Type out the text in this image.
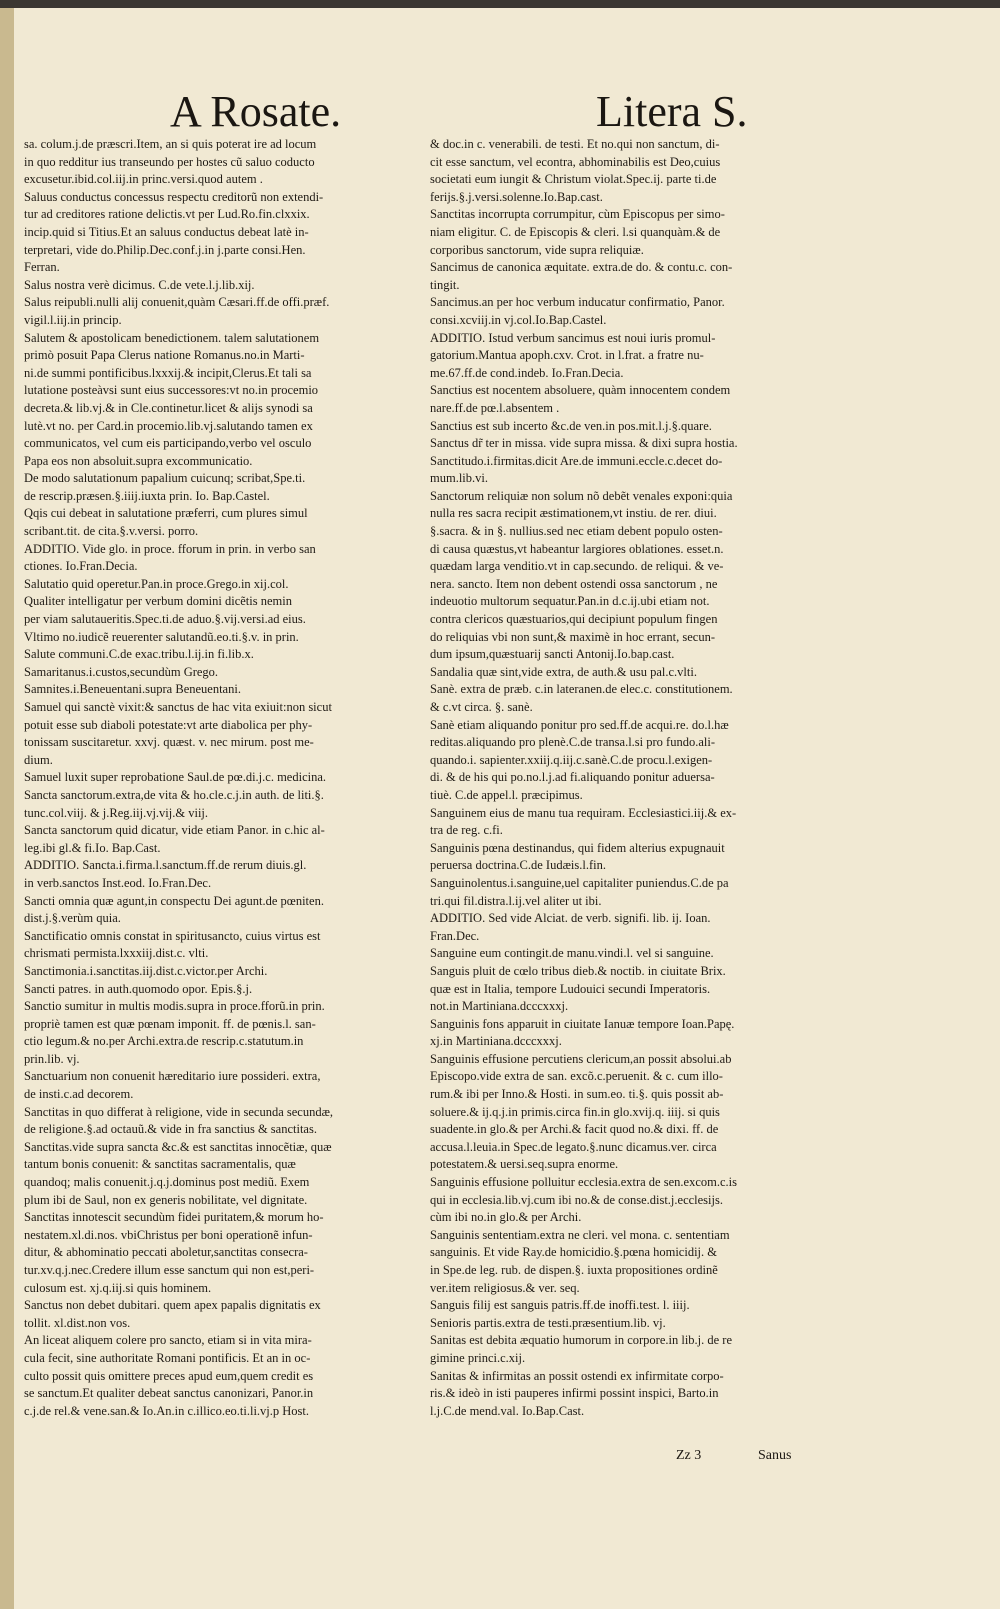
A Rosate.	Litera S.

sa. colum.j.de præscri.Item, an si quis poterat ire ad locum

in quo redditur ius transeundo per hostes cũ saluo coducto

excusetur.ibid.col.iij.in princ.versi.quod autem .

Saluus conductus concessus respectu creditorũ non extendi-

tur ad creditores ratione delictis.vt per Lud.Ro.fin.clxxix.

incip.quid si Titius.Et an saluus conductus debeat latè in-

terpretari, vide do.Philip.Dec.conf.j.in j.parte consi.Hen.

Ferran.

Salus nostra verè dicimus. C.de vete.l.j.lib.xij.

Salus reipubli.nulli alij conuenit,quàm Cæsari.ff.de offi.præf.

vigil.l.iij.in princip.

Salutem & apostolicam benedictionem. talem salutationem

primò posuit Papa Clerus natione Romanus.no.in Marti-

ni.de summi pontificibus.lxxxij.& incipit,Clerus.Et tali sa

lutatione posteàvsi sunt eius successores:vt no.in procemio

decreta.& lib.vj.& in Cle.continetur.licet & alijs synodi sa

lutè.vt no. per Card.in procemio.lib.vj.salutando tamen ex

communicatos, vel cum eis participando,verbo vel osculo

Papa eos non absoluit.supra excommunicatio.

De modo salutationum papalium cuicunq; scribat,Spe.ti.

de rescrip.præsen.§.iiij.iuxta prin. Io. Bap.Castel.

Qqis cui debeat in salutatione præferri, cum plures simul

scribant.tit. de cita.§.v.versi. porro.

ADDITIO. Vide glo. in proce. fforum in prin. in verbo san

ctiones. Io.Fran.Decia.

Salutatio quid operetur.Pan.in proce.Grego.in xij.col.

Qualiter intelligatur per verbum domini dicẽtis nemin

per viam salutaueritis.Spec.ti.de aduo.§.vij.versi.ad eius.

Vltimo no.iudicẽ reuerenter salutandũ.eo.ti.§.v. in prin.

Salute communi.C.de exac.tribu.l.ij.in fi.lib.x.

Samaritanus.i.custos,secundùm Grego.

Samnites.i.Beneuentani.supra Beneuentani.

Samuel qui sanctè vixit:& sanctus de hac vita exiuit:non sicut

potuit esse sub diaboli potestate:vt arte diabolica per phy-

tonissam suscitaretur. xxvj. quæst. v. nec mirum. post me-

dium.

Samuel luxit super reprobatione Saul.de pœ.di.j.c. medicina.

Sancta sanctorum.extra,de vita & ho.cle.c.j.in auth. de liti.§.

tunc.col.viij. & j.Reg.iij.vj.vij.& viij.

Sancta sanctorum quid dicatur, vide etiam Panor. in c.hic al-

leg.ibi gl.& fi.Io. Bap.Cast.

ADDITIO. Sancta.i.firma.l.sanctum.ff.de rerum diuis.gl.

in verb.sanctos Inst.eod. Io.Fran.Dec.

Sancti omnia quæ agunt,in conspectu Dei agunt.de pœniten.

dist.j.§.verùm quia.

Sanctificatio omnis constat in spiritusancto, cuius virtus est

chrismati permista.lxxxiij.dist.c. vlti.

Sanctimonia.i.sanctitas.iij.dist.c.victor.per Archi.

Sancti patres. in auth.quomodo opor. Epis.§.j.

Sanctio sumitur in multis modis.supra in proce.fforũ.in prin.

propriè tamen est quæ pœnam imponit. ff. de pœnis.l. san-

ctio legum.& no.per Archi.extra.de rescrip.c.statutum.in

prin.lib. vj.

Sanctuarium non conuenit hæreditario iure possideri. extra,

de insti.c.ad decorem.

Sanctitas in quo differat à religione, vide in secunda secundæ,

de religione.§.ad octauũ.& vide in fra sanctius & sanctitas.

Sanctitas.vide supra sancta &c.& est sanctitas innocẽtiæ, quæ

tantum bonis conuenit: & sanctitas sacramentalis, quæ

quandoq; malis conuenit.j.q.j.dominus post mediũ. Exem

plum ibi de Saul, non ex generis nobilitate, vel dignitate.

Sanctitas innotescit secundùm fidei puritatem,& morum ho-

nestatem.xl.di.nos. vbiChristus per boni operationẽ infun-

ditur, & abhominatio peccati aboletur,sanctitas consecra-

tur.xv.q.j.nec.Credere illum esse sanctum qui non est,peri-

culosum est. xj.q.iij.si quis hominem.

Sanctus non debet dubitari. quem apex papalis dignitatis ex

tollit. xl.dist.non vos.

An liceat aliquem colere pro sancto, etiam si in vita mira-

cula fecit, sine authoritate Romani pontificis. Et an in oc-

culto possit quis omittere preces apud eum,quem credit es

se sanctum.Et qualiter debeat sanctus canonizari, Panor.in

c.j.de rel.& vene.san.& Io.An.in c.illico.eo.ti.li.vj.p Host.

& doc.in c. venerabili. de testi. Et no.qui non sanctum, di-

cit esse sanctum, vel econtra, abhominabilis est Deo,cuius

societati eum iungit & Christum violat.Spec.ij. parte ti.de

ferijs.§.j.versi.solenne.Io.Bap.cast.

Sanctitas incorrupta corrumpitur, cùm Episcopus per simo-

niam eligitur. C. de Episcopis & cleri. l.si quanquàm.& de

corporibus sanctorum, vide supra reliquiæ.

Sancimus de canonica æquitate. extra.de do. & contu.c. con-

tingit.

Sancimus.an per hoc verbum inducatur confirmatio, Panor.

consi.xcviij.in vj.col.Io.Bap.Castel.

ADDITIO. Istud verbum sancimus est noui iuris promul-

gatorium.Mantua apoph.cxv. Crot. in l.frat. a fratre nu-

me.67.ff.de cond.indeb. Io.Fran.Decia.

Sanctius est nocentem absoluere, quàm innocentem condem

nare.ff.de pœ.l.absentem .

Sanctius est sub incerto &c.de ven.in pos.mit.l.j.§.quare.

Sanctus dr̃ ter in missa. vide supra missa. & dixi supra hostia.

Sanctitudo.i.firmitas.dicit Are.de immuni.eccle.c.decet do-

mum.lib.vi.

Sanctorum reliquiæ non solum nõ debẽt venales exponi:quia

nulla res sacra recipit æstimationem,vt instiu. de rer. diui.

§.sacra. & in §. nullius.sed nec etiam debent populo osten-

di causa quæstus,vt habeantur largiores oblationes. esset.n.

quædam larga venditio.vt in cap.secundo. de reliqui. & ve-

nera. sancto. Item non debent ostendi ossa sanctorum , ne

indeuotio multorum sequatur.Pan.in d.c.ij.ubi etiam not.

contra clericos quæstuarios,qui decipiunt populum fingen

do reliquias vbi non sunt,& maximè in hoc errant, secun-

dum ipsum,quæstuarij sancti Antonij.Io.bap.cast.

Sandalia quæ sint,vide extra, de auth.& usu pal.c.vlti.

Sanè. extra de præb. c.in lateranen.de elec.c. constitutionem.

& c.vt circa. §. sanè.

Sanè etiam aliquando ponitur pro sed.ff.de acqui.re. do.l.hæ

reditas.aliquando pro plenè.C.de transa.l.si pro fundo.ali-

quando.i. sapienter.xxiij.q.iij.c.sanè.C.de procu.l.exigen-

di. & de his qui po.no.l.j.ad fi.aliquando ponitur aduersa-

tiuè. C.de appel.l. præcipimus.

Sanguinem eius de manu tua requiram. Ecclesiastici.iij.& ex-

tra de reg. c.fi.

Sanguinis pœna destinandus, qui fidem alterius expugnauit

peruersa doctrina.C.de Iudæis.l.fin.

Sanguinolentus.i.sanguine,uel capitaliter puniendus.C.de pa

tri.qui fil.distra.l.ij.vel aliter ut ibi.

ADDITIO. Sed vide Alciat. de verb. signifi. lib. ij. Ioan.

Fran.Dec.

Sanguine eum contingit.de manu.vindi.l. vel si sanguine.

Sanguis pluit de cœlo tribus dieb.& noctib. in ciuitate Brix.

quæ est in Italia, tempore Ludouici secundi Imperatoris.

not.in Martiniana.dcccxxxj.

Sanguinis fons apparuit in ciuitate Ianuæ tempore Ioan.Papę.

xj.in Martiniana.dcccxxxj.

Sanguinis effusione percutiens clericum,an possit absolui.ab

Episcopo.vide extra de san. excõ.c.peruenit. & c. cum illo-

rum.& ibi per Inno.& Hosti. in sum.eo. ti.§. quis possit ab-

soluere.& ij.q.j.in primis.circa fin.in glo.xvij.q. iiij. si quis

suadente.in glo.& per Archi.& facit quod no.& dixi. ff. de

accusa.l.leuia.in Spec.de legato.§.nunc dicamus.ver. circa

potestatem.& uersi.seq.supra enorme.

Sanguinis effusione polluitur ecclesia.extra de sen.excom.c.is

qui in ecclesia.lib.vj.cum ibi no.& de conse.dist.j.ecclesijs.

cùm ibi no.in glo.& per Archi.

Sanguinis sententiam.extra ne cleri. vel mona. c. sententiam

sanguinis. Et vide Ray.de homicidio.§.pœna homicidij. &

in Spe.de leg. rub. de dispen.§. iuxta propositiones ordinẽ

ver.item religiosus.& ver. seq.

Sanguis filij est sanguis patris.ff.de inoffi.test. l. iiij.

Senioris partis.extra de testi.præsentium.lib. vj.

Sanitas est debita æquatio humorum in corpore.in lib.j. de re

gimine princi.c.xij.

Sanitas & infirmitas an possit ostendi ex infirmitate corpo-

ris.& ideò in isti pauperes infirmi possint inspici, Barto.in

l.j.C.de mend.val. Io.Bap.Cast.

Zz 3	Sanus
